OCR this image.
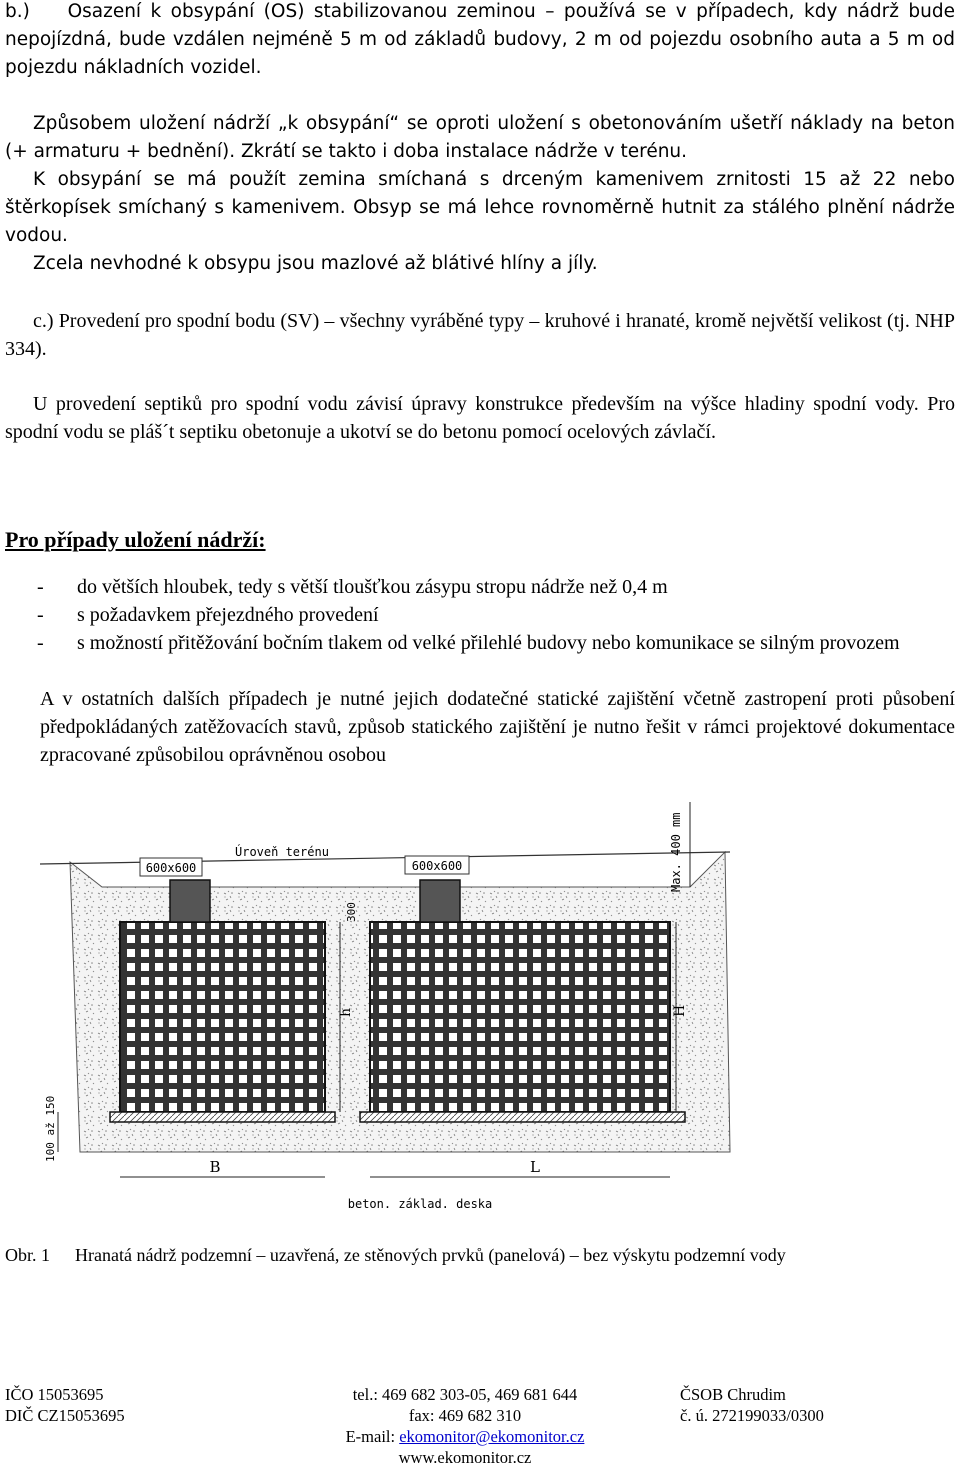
b.)    Osazení k obsypání (OS) stabilizovanou zeminou – používá se v případech, kdy nádrž bude nepojízdná, bude vzdálen nejméně 5 m od základů budovy, 2 m od pojezdu osobního auta a 5 m od pojezdu nákladních vozidel.

Způsobem uložení nádrží „k obsypání“ se oproti uložení s obetonováním ušetří náklady na beton (+ armaturu + bednění). Zkrátí se takto i doba instalace nádrže v terénu.

K obsypání se má použít zemina smíchaná s drceným kamenivem zrnitosti 15 až 22 nebo štěrkopísek smíchaný s kamenivem. Obsyp se má lehce rovnoměrně hutnit za stálého plnění nádrže vodou.

Zcela nevhodné k obsypu jsou mazlové až blátivé hlíny a jíly.

c.) Provedení pro spodní bodu (SV) – všechny vyráběné typy – kruhové i hranaté, kromě největší velikost (tj. NHP 334).

U provedení septiků pro spodní vodu závisí úpravy konstrukce především na výšce hladiny spodní vody. Pro spodní vodu se pláš´t septiku obetonuje a ukotví se do betonu pomocí ocelových závlačí.

Pro případy uložení nádrží:
- do větších hloubek, tedy s větší tloušťkou zásypu stropu nádrže než 0,4 m
- s požadavkem přejezdného provedení
- s možností přitěžování bočním tlakem od velké přilehlé budovy nebo komunikace se silným provozem
A v ostatních dalších případech je nutné jejich dodatečné statické zajištění včetně zastropení proti působení předpokládaných zatěžovacích stavů, způsob statického zajištění je nutno řešit v rámci projektové dokumentace zpracované způsobilou oprávněnou osobou
600x600	600x600
Úroveň terénu	Max. 400 mm
h	H
300
100 až 150
B	L
beton. základ. deska
Obr. 1 Hranatá nádrž podzemní – uzavřená, ze stěnových prvků (panelová) – bez výskytu podzemní vody
IČO 15053695
DIČ CZ15053695
tel.: 469 682 303-05, 469 681 644
fax: 469 682 310
E-mail: ekomonitor@ekomonitor.cz
www.ekomonitor.cz
ČSOB Chrudim
č. ú. 272199033/0300
